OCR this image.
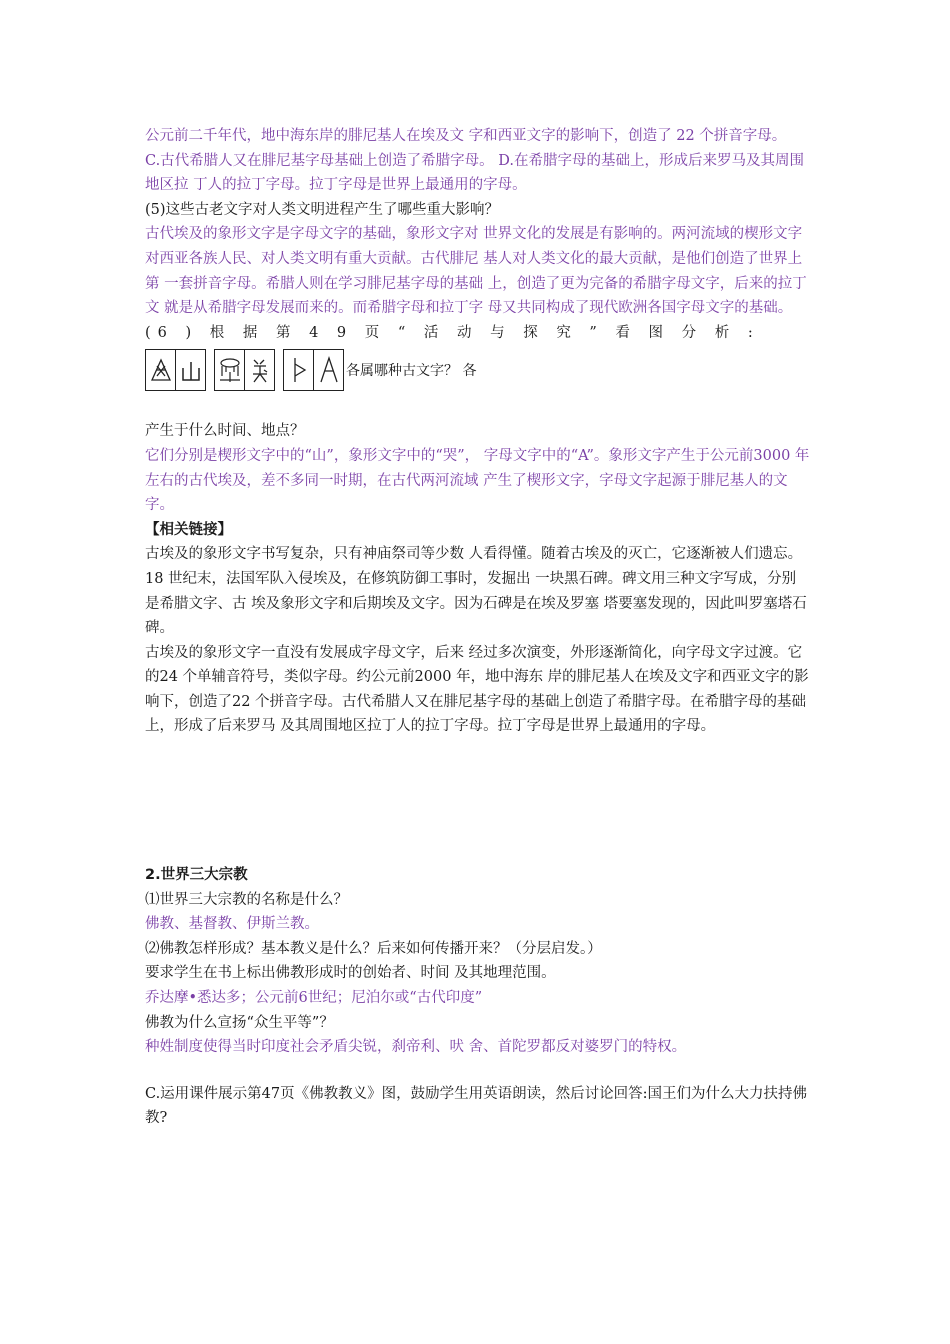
公元前二千年代，地中海东岸的腓尼基人在埃及文 字和西亚文字的影响下，创造了 22 个拼音字母。

C.古代希腊人又在腓尼基字母基础上创造了希腊字母。 D.在希腊字母的基础上，形成后来罗马及其周围地区拉 丁人的拉丁字母。拉丁字母是世界上最通用的字母。

(5)这些古老文字对人类文明进程产生了哪些重大影响？

古代埃及的象形文字是字母文字的基础，象形文字对 世界文化的发展是有影响的。两河流域的楔形文字 对西亚各族人民、对人类文明有重大贡献。古代腓尼 基人对人类文化的最大贡献，是他们创造了世界上第 一套拼音字母。希腊人则在学习腓尼基字母的基础 上，创造了更为完备的希腊字母文字，后来的拉丁文 就是从希腊字母发展而来的。而希腊字母和拉丁字 母又共同构成了现代欧洲各国字母文字的基础。

(6 ) 根 据 第 4 9 页 “ 活 动 与 探 究 ” 看 图 分 析 :

各属哪种古文字？ 各

产生于什么时间、地点？

它们分别是楔形文字中的“山”，象形文字中的“哭”， 字母文字中的“A”。象形文字产生于公元前3000 年 左右的古代埃及，差不多同一时期，在古代两河流域 产生了楔形文字，字母文字起源于腓尼基人的文字。

【相关链接】

古埃及的象形文字书写复杂，只有神庙祭司等少数 人看得懂。随着古埃及的灭亡，它逐渐被人们遗忘。18 世纪末，法国军队入侵埃及，在修筑防御工事时，发掘出 一块黑石碑。碑文用三种文字写成，分别是希腊文字、古 埃及象形文字和后期埃及文字。因为石碑是在埃及罗塞 塔要塞发现的，因此叫罗塞塔石碑。

古埃及的象形文字一直没有发展成字母文字，后来 经过多次演变，外形逐渐简化，向字母文字过渡。它的24 个单辅音符号，类似字母。约公元前2000 年，地中海东 岸的腓尼基人在埃及文字和西亚文字的影响下，创造了22 个拼音字母。古代希腊人又在腓尼基字母的基础上创造了希腊字母。在希腊字母的基础上，形成了后来罗马 及其周围地区拉丁人的拉丁字母。拉丁字母是世界上最通用的字母。

2.世界三大宗教

⑴世界三大宗教的名称是什么？

佛教、基督教、伊斯兰教。

⑵佛教怎样形成？基本教义是什么？后来如何传播开来？（分层启发。）

要求学生在书上标出佛教形成时的创始者、时间 及其地理范围。

乔达摩•悉达多；公元前6世纪；尼泊尔或“古代印度”

佛教为什么宣扬“众生平等”？

种姓制度使得当时印度社会矛盾尖锐，刹帝利、吠 舍、首陀罗都反对婆罗门的特权。

C.运用课件展示第47页《佛教教义》图，鼓励学生用英语朗读，然后讨论回答:国王们为什么大力扶持佛教?
